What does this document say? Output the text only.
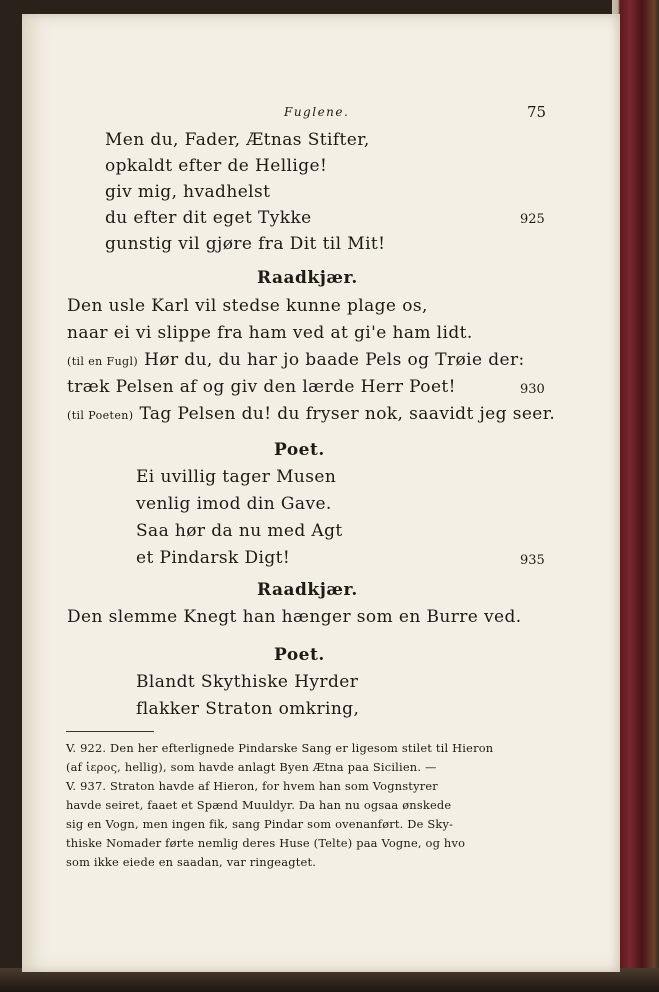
Fuglene.	75
Men du, Fader, Ætnas Stifter,
opkaldt efter de Hellige!
giv mig, hvadhelst
du efter dit eget Tykke	925
gunstig vil gjøre fra Dit til Mit!
Raadkjær.
Den usle Karl vil stedse kunne plage os,
naar ei vi slippe fra ham ved at gi'e ham lidt.
(til en Fugl) Hør du, du har jo baade Pels og Trøie der:
træk Pelsen af og giv den lærde Herr Poet!	930
(til Poeten) Tag Pelsen du! du fryser nok, saavidt jeg seer.
Poet.
Ei uvillig tager Musen
venlig imod din Gave.
Saa hør da nu med Agt
et Pindarsk Digt!	935
Raadkjær.
Den slemme Knegt han hænger som en Burre ved.
Poet.
Blandt Skythiske Hyrder
flakker Straton omkring,
V. 922. Den her efterlignede Pindarske Sang er ligesom stilet til Hieron
(af ἱερος, hellig), som havde anlagt Byen Ætna paa Sicilien. —
V. 937. Straton havde af Hieron, for hvem han som Vognstyrer
havde seiret, faaet et Spænd Muuldyr. Da han nu ogsaa ønskede
sig en Vogn, men ingen fik, sang Pindar som ovenanført. De Sky-
thiske Nomader førte nemlig deres Huse (Telte) paa Vogne, og hvo
som ikke eiede en saadan, var ringeagtet.
